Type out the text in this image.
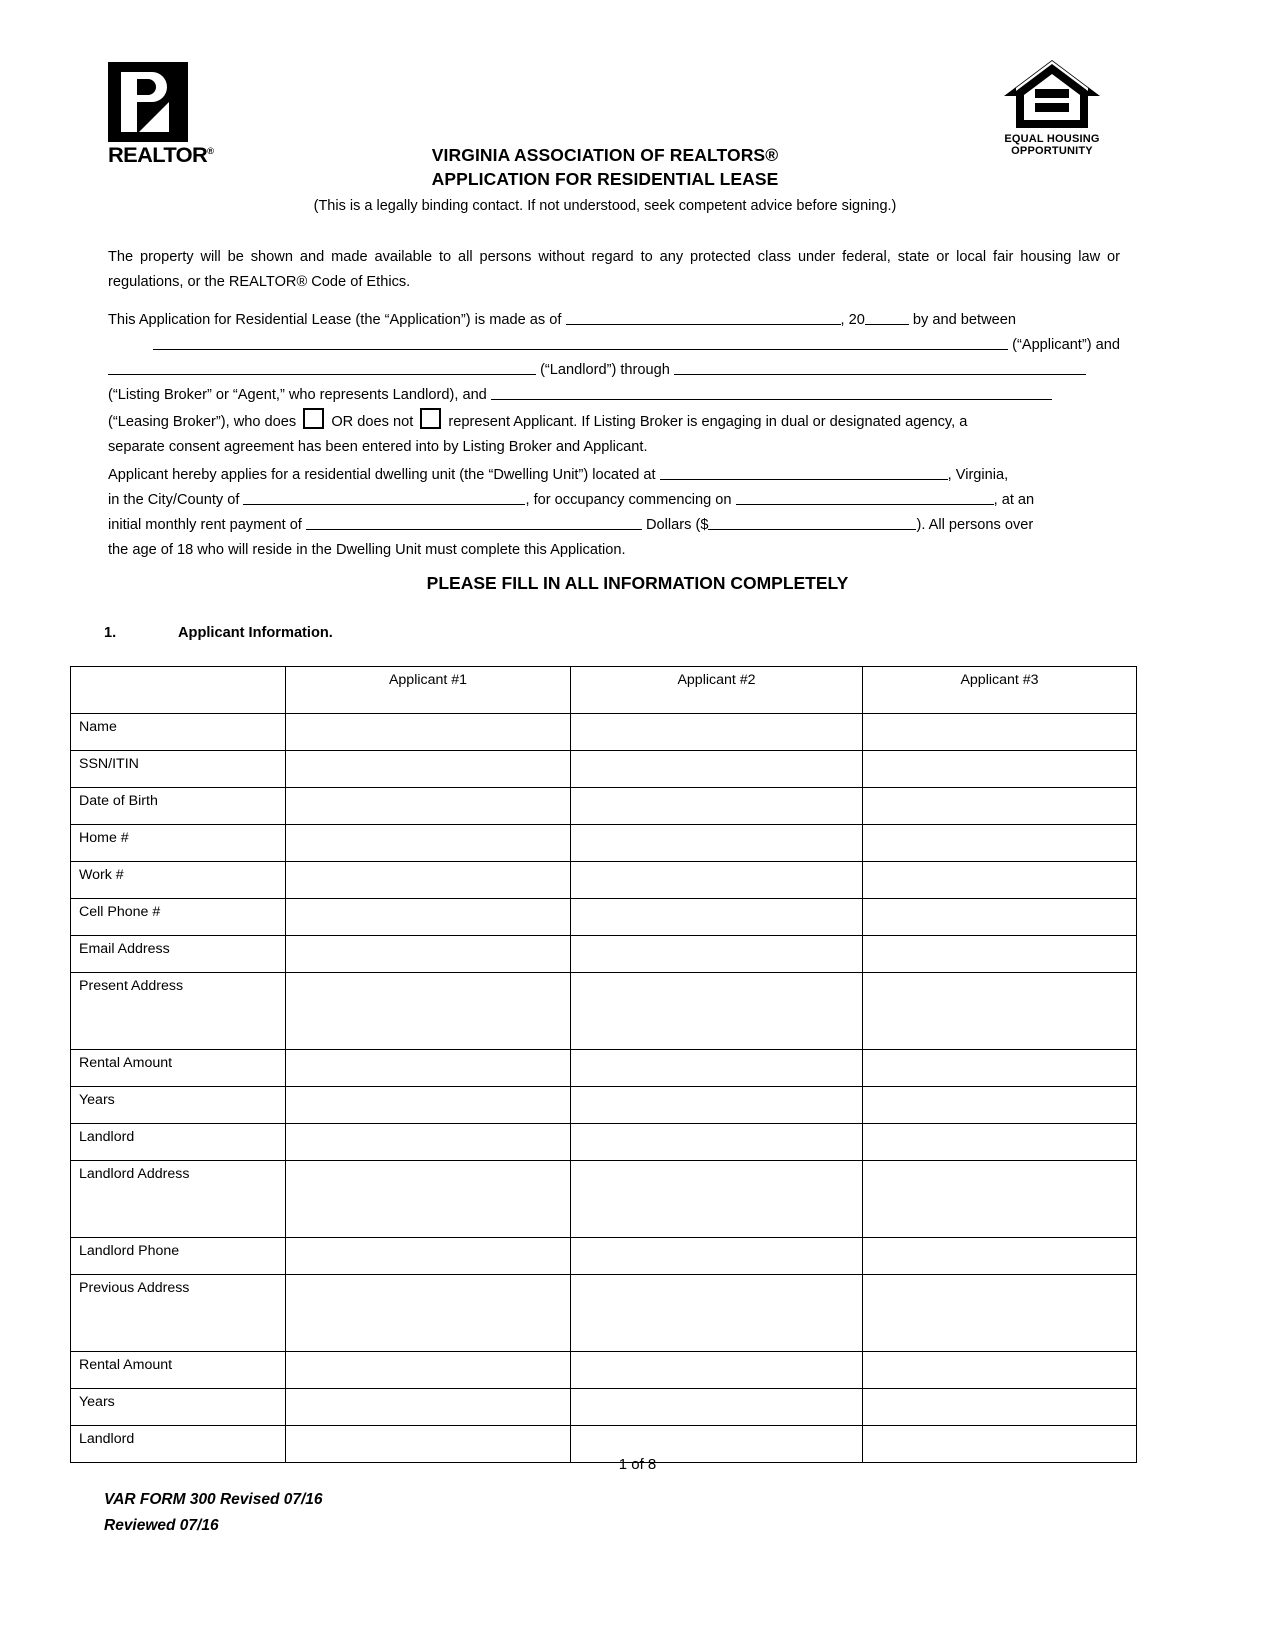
REALTOR®
EQUAL HOUSING
OPPORTUNITY
VIRGINIA ASSOCIATION OF REALTORS®
APPLICATION FOR RESIDENTIAL LEASE
(This is a legally binding contact. If not understood, seek competent advice before signing.)
The property will be shown and made available to all persons without regard to any protected class under federal, state or local fair housing law or regulations, or the REALTOR® Code of Ethics.
This Application for Residential Lease (the “Application”) is made as of	, 20	by and between
(“Applicant”) and
(“Landlord”) through
(“Listing Broker” or “Agent,” who represents Landlord), and
(“Leasing Broker”), who does OR does not represent Applicant. If Listing Broker is engaging in dual or designated agency, a
separate consent agreement has been entered into by Listing Broker and Applicant.
Applicant hereby applies for a residential dwelling unit (the “Dwelling Unit”) located at	, Virginia,
in the City/County of	, for occupancy commencing on	, at an
initial monthly rent payment of	Dollars ($	). All persons over
the age of 18 who will reside in the Dwelling Unit must complete this Application.
PLEASE FILL IN ALL INFORMATION COMPLETELY
1.	Applicant Information.
	Applicant #1	Applicant #2	Applicant #3
Name			
SSN/ITIN			
Date of Birth			
Home #			
Work #			
Cell Phone #			
Email Address			
Present Address			
Rental Amount			
Years			
Landlord			
Landlord Address			
Landlord Phone			
Previous Address			
Rental Amount			
Years			
Landlord			
1 of 8
VAR FORM 300 Revised 07/16
Reviewed 07/16
